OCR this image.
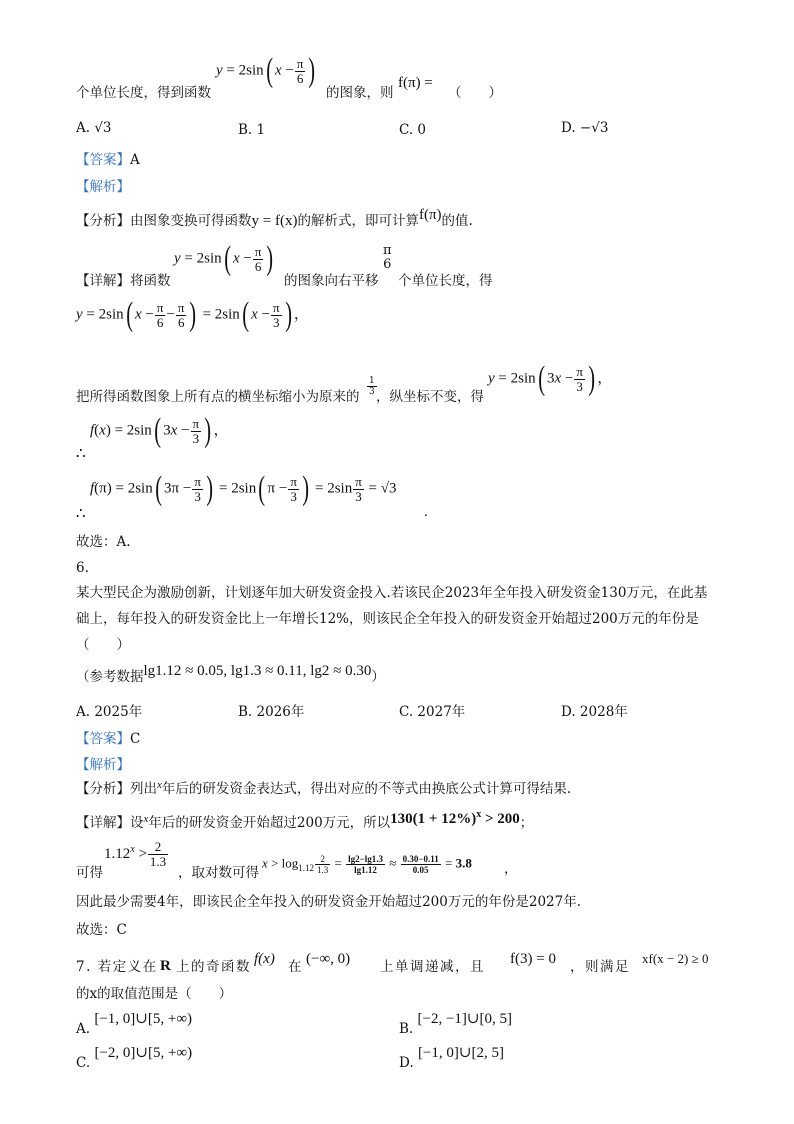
个单位长度，得到函数
y = 2sin( $x - \frac{\pi}{6}$ )
的图象，则
f(π) =
（　　）
A. √3	B. 1	C. 0	D. −√3
【答案】A
【解析】
【分析】由图象变换可得函数y = f(x)的解析式，即可计算f(π)的值.
【详解】将函数
y = 2sin( $x - \frac{\pi}{6}$ )
的图象向右平移
π
6
个单位长度，得
y = 2sin( $x - \frac{\pi}{6} - \frac{\pi}{6}$ ) = 2sin( $x - \frac{\pi}{3}$ ) ，
把所得函数图象上所有点的横坐标缩小为原来的 $\frac{1}{3}$ ，纵坐标不变，得
y = 2sin( $3x - \frac{\pi}{3}$ ) ，
∴
f(x) = 2sin( $3x - \frac{\pi}{3}$ ) ，
∴
f(π) = 2sin( $3\pi - \frac{\pi}{3}$ ) = 2sin( $\pi - \frac{\pi}{3}$ ) = $2\sin \frac{\pi}{3} = √3$
.
故选：A.
6.
某大型民企为激励创新，计划逐年加大研发资金投入.若该民企2023年全年投入研发资金130万元，在此基础上，每年投入的研发资金比上一年增长12%，则该民企全年投入的研发资金开始超过200万元的年份是（　　）
（参考数据lg1.12 ≈ 0.05, lg1.3 ≈ 0.11, lg2 ≈ 0.30）
A. 2025年	B. 2026年	C. 2027年	D. 2028年
【答案】C
【解析】
【分析】列出$^x$年后的研发资金表达式，得出对应的不等式由换底公式计算可得结果.
【详解】设$^x$年后的研发资金开始超过200万元，所以$130(1 + 12\%)^x > 200$；
可得
$1.12^x > \frac{2}{1.3}$
，取对数可得
$x > \log_{1.12} \frac{2}{1.3} = \frac{\lg 2-\lg 1.3}{\lg 1.12} \approx \frac{0.30-0.11}{0.05} = 3.8$ ，
因此最少需要4年，即该民企全年投入的研发资金开始超过200万元的年份是2027年.
故选：C
7. 若定义在 R 上的奇函数 f(x) 在 (−∞, 0) 上单调递减，且 f(3) = 0 ，则满足
xf(x − 2) ≥ 0
的x的取值范围是（　　）
A. [−1, 0]∪[5, +∞)
B. [−2, −1]∪[0, 5]
C. [−2, 0]∪[5, +∞)
D. [−1, 0]∪[2, 5]
